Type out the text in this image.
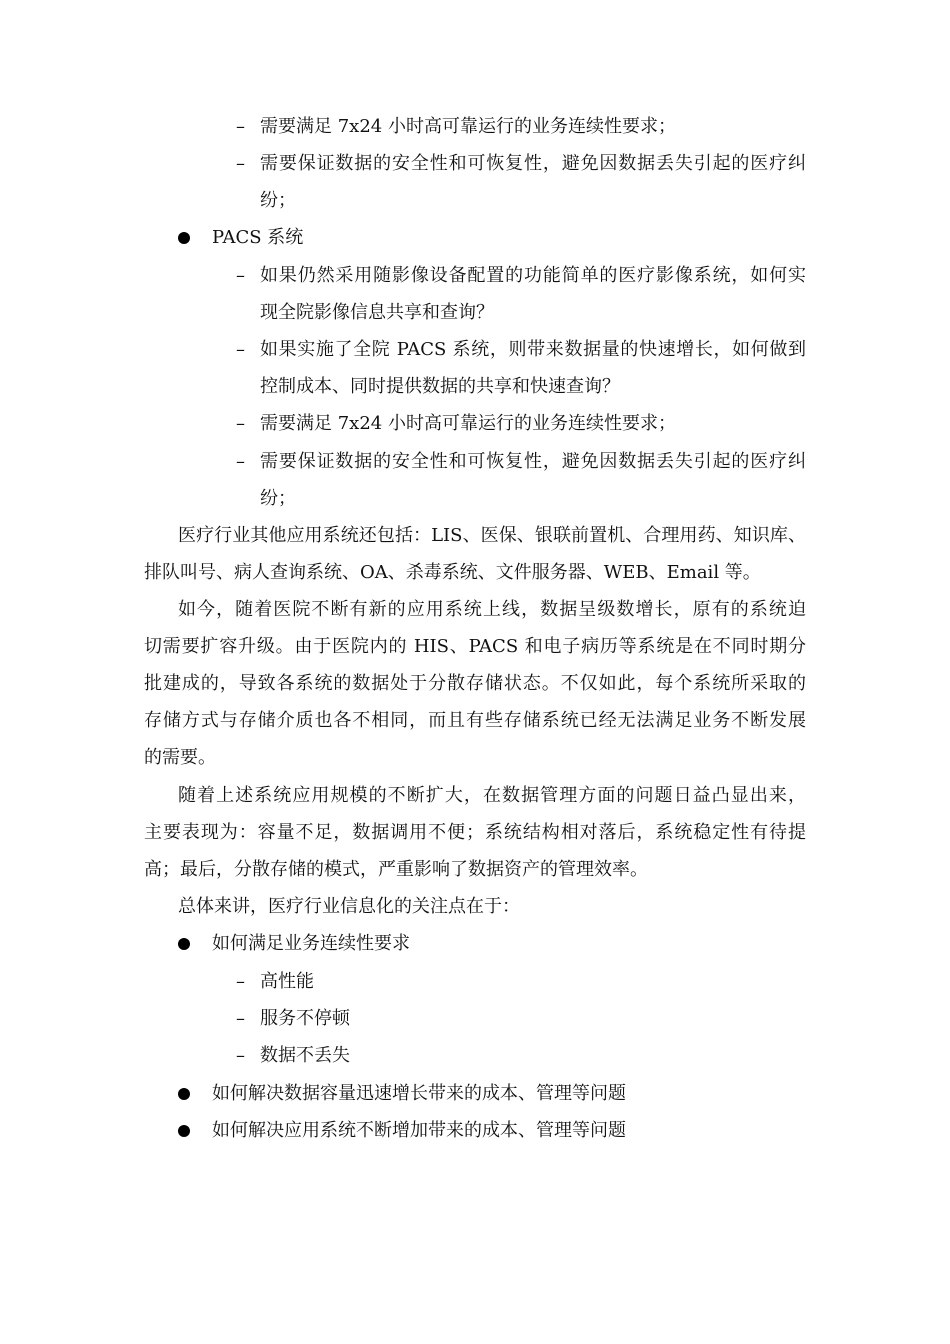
– 需要满足 7x24 小时高可靠运行的业务连续性要求；
– 需要保证数据的安全性和可恢复性，避免因数据丢失引起的医疗纠
纷；
PACS 系统
– 如果仍然采用随影像设备配置的功能简单的医疗影像系统，如何实
现全院影像信息共享和查询？
– 如果实施了全院 PACS 系统，则带来数据量的快速增长，如何做到
控制成本、同时提供数据的共享和快速查询？
– 需要满足 7x24 小时高可靠运行的业务连续性要求；
– 需要保证数据的安全性和可恢复性，避免因数据丢失引起的医疗纠
纷；
医疗行业其他应用系统还包括：LIS、医保、银联前置机、合理用药、知识库、
排队叫号、病人查询系统、OA、杀毒系统、文件服务器、WEB、Email 等。
如今，随着医院不断有新的应用系统上线，数据呈级数增长，原有的系统迫
切需要扩容升级。由于医院内的 HIS、PACS 和电子病历等系统是在不同时期分
批建成的，导致各系统的数据处于分散存储状态。不仅如此，每个系统所采取的
存储方式与存储介质也各不相同，而且有些存储系统已经无法满足业务不断发展
的需要。
随着上述系统应用规模的不断扩大，在数据管理方面的问题日益凸显出来，
主要表现为：容量不足，数据调用不便；系统结构相对落后，系统稳定性有待提
高；最后，分散存储的模式，严重影响了数据资产的管理效率。
总体来讲，医疗行业信息化的关注点在于：
如何满足业务连续性要求
– 高性能
– 服务不停顿
– 数据不丢失
如何解决数据容量迅速增长带来的成本、管理等问题
如何解决应用系统不断增加带来的成本、管理等问题
